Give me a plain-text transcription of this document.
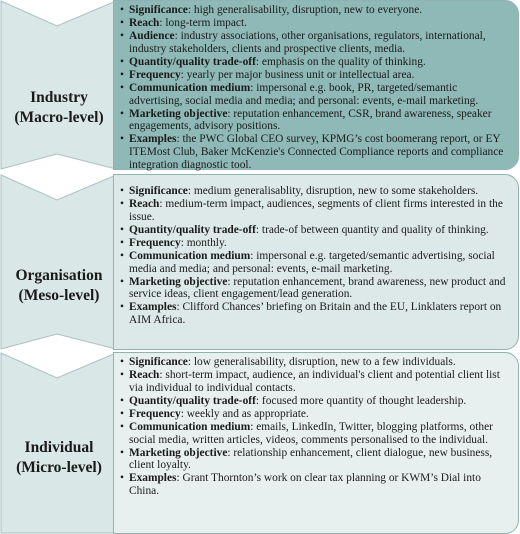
Industry
(Macro-level)
• Significance: high generalisability, disruption, new to everyone.
• Reach: long-term impact.
• Audience: industry associations, other organisations, regulators, international, industry stakeholders, clients and prospective clients, media.
• Quantity/quality trade-off: emphasis on the quality of thinking.
• Frequency: yearly per major business unit or intellectual area.
• Communication medium: impersonal e.g. book, PR, targeted/semantic advertising, social media and media; and personal: events, e-mail marketing.
• Marketing objective: reputation enhancement, CSR, brand awareness, speaker engagements, advisory positions.
• Examples: the PWC Global CEO survey, KPMG’s cost boomerang report, or EY ITEMost Club, Baker McKenzie's Connected Compliance reports and compliance integration diagnostic tool.
Organisation
(Meso-level)
• Significance: medium generalisablity, disruption, new to some stakeholders.
• Reach: medium-term impact, audiences, segments of client firms interested in the issue.
• Quantity/quality trade-off: trade-of between quantity and quality of thinking.
• Frequency: monthly.
• Communication medium: impersonal e.g. targeted/semantic advertising, social media and media; and personal: events, e-mail marketing.
• Marketing objective: reputation enhancement, brand awareness, new product and service ideas, client engagement/lead generation.
• Examples: Clifford Chances’ briefing on Britain and the EU, Linklaters report on AIM Africa.
Individual
(Micro-level)
• Significance: low generalisability, disruption, new to a few individuals.
• Reach: short-term impact, audience, an individual's client and potential client list via individual to individual contacts.
• Quantity/quality trade-off: focused more quantity of thought leadership.
• Frequency: weekly and as appropriate.
• Communication medium: emails, LinkedIn, Twitter, blogging platforms, other social media, written articles, videos, comments personalised to the individual.
• Marketing objective: relationship enhancement, client dialogue, new business, client loyalty.
• Examples: Grant Thornton’s work on clear tax planning or KWM’s Dial into China.
